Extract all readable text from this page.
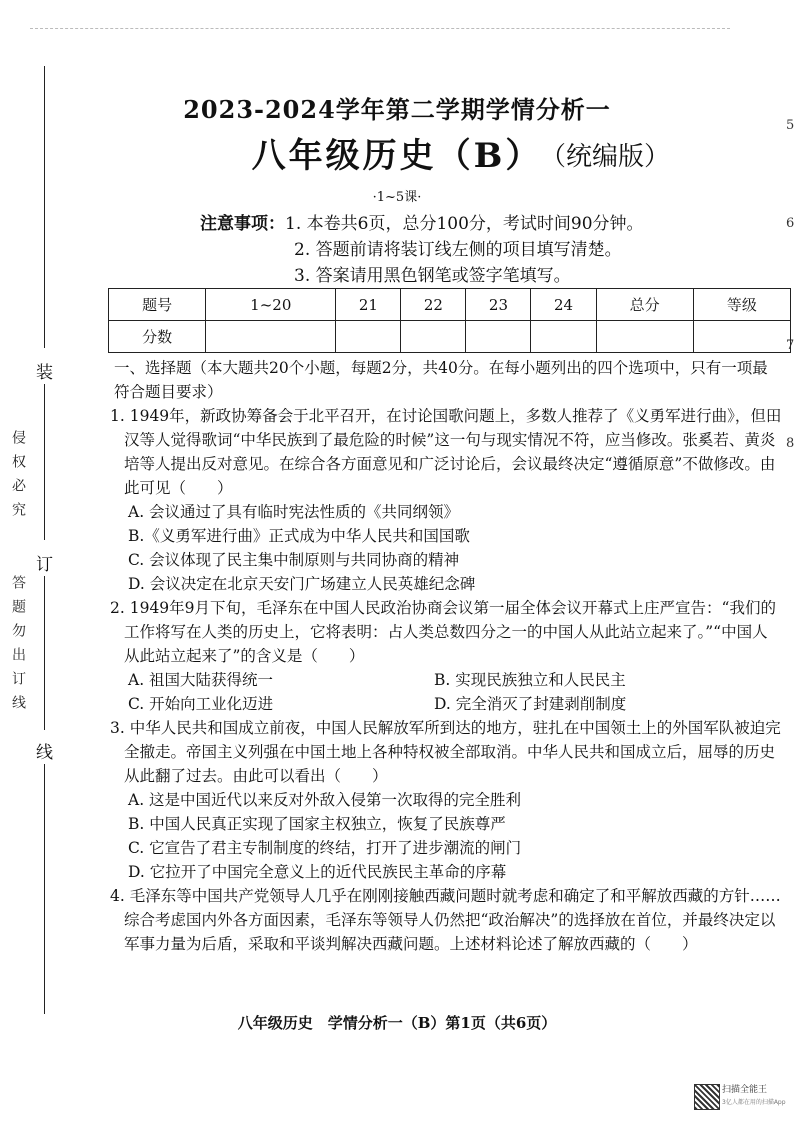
装
订
线
侵权必究
答题勿出订线
5
6
7
8
2023-2024学年第二学期学情分析一
八年级历史（B）
（统编版）
·1~5课·
注意事项：1. 本卷共6页，总分100分，考试时间90分钟。
2. 答题前请将装订线左侧的项目填写清楚。
3. 答案请用黑色钢笔或签字笔填写。
题号	1~20	21	22	23	24	总分	等级
分数							
一、选择题（本大题共20个小题，每题2分，共40分。在每小题列出的四个选项中，只有一项最符合题目要求）
1. 1949年，新政协筹备会于北平召开，在讨论国歌问题上，多数人推荐了《义勇军进行曲》，但田汉等人觉得歌词“中华民族到了最危险的时候”这一句与现实情况不符，应当修改。张奚若、黄炎培等人提出反对意见。在综合各方面意见和广泛讨论后，会议最终决定“遵循原意”不做修改。由此可见（　　）
A. 会议通过了具有临时宪法性质的《共同纲领》
B.《义勇军进行曲》正式成为中华人民共和国国歌
C. 会议体现了民主集中制原则与共同协商的精神
D. 会议决定在北京天安门广场建立人民英雄纪念碑
2. 1949年9月下旬，毛泽东在中国人民政治协商会议第一届全体会议开幕式上庄严宣告：“我们的工作将写在人类的历史上，它将表明：占人类总数四分之一的中国人从此站立起来了。”“中国人从此站立起来了”的含义是（　　）
A. 祖国大陆获得统一	B. 实现民族独立和人民民主
C. 开始向工业化迈进	D. 完全消灭了封建剥削制度
3. 中华人民共和国成立前夜，中国人民解放军所到达的地方，驻扎在中国领土上的外国军队被迫完全撤走。帝国主义列强在中国土地上各种特权被全部取消。中华人民共和国成立后，屈辱的历史从此翻了过去。由此可以看出（　　）
A. 这是中国近代以来反对外敌入侵第一次取得的完全胜利
B. 中国人民真正实现了国家主权独立，恢复了民族尊严
C. 它宣告了君主专制制度的终结，打开了进步潮流的闸门
D. 它拉开了中国完全意义上的近代民族民主革命的序幕
4. 毛泽东等中国共产党领导人几乎在刚刚接触西藏问题时就考虑和确定了和平解放西藏的方针……综合考虑国内外各方面因素，毛泽东等领导人仍然把“政治解决”的选择放在首位，并最终决定以军事力量为后盾，采取和平谈判解决西藏问题。上述材料论述了解放西藏的（　　）
八年级历史　学情分析一（B）第1页（共6页）
扫描全能王
3亿人都在用的扫描App
